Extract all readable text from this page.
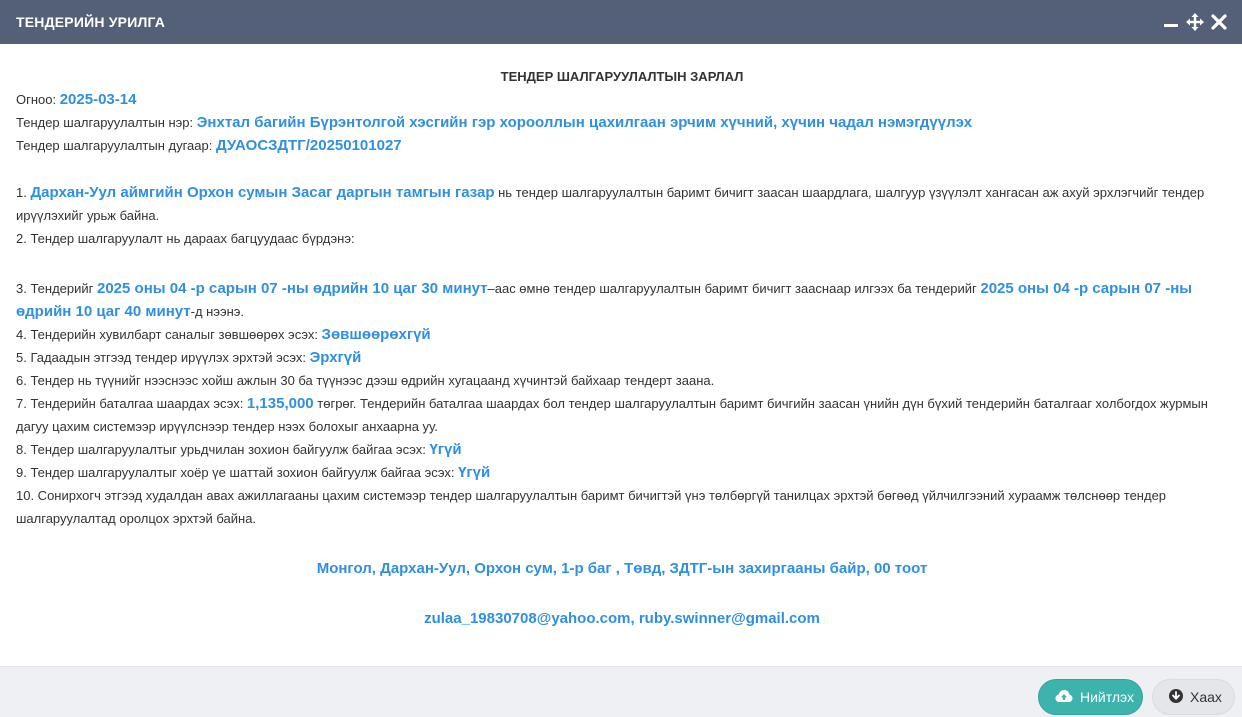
ТЕНДЕРИЙН УРИЛГА
ТЕНДЕР ШАЛГАРУУЛАЛТЫН ЗАРЛАЛ
Огноо: 2025-03-14
Тендер шалгаруулалтын нэр: Энхтал багийн Бүрэнтолгой хэсгийн гэр хорооллын цахилгаан эрчим хүчний, хүчин чадал нэмэгдүүлэх
Тендер шалгаруулалтын дугаар: ДУАОСЗДТГ/20250101027
1. Дархан-Уул аймгийн Орхон сумын Засаг даргын тамгын газар нь тендер шалгаруулалтын баримт бичигт заасан шаардлага, шалгуур үзүүлэлт хангасан аж ахуй эрхлэгчийг тендер ирүүлэхийг урьж байна.
2. Тендер шалгаруулалт нь дараах багцуудаас бүрдэнэ:
3. Тендерийг 2025 оны 04 -р сарын 07 -ны өдрийн 10 цаг 30 минут–аас өмнө тендер шалгаруулалтын баримт бичигт зааснаар илгээх ба тендерийг 2025 оны 04 -р сарын 07 -ны өдрийн 10 цаг 40 минут-д нээнэ.
4. Тендерийн хувилбарт саналыг зөвшөөрөх эсэх: Зөвшөөрөхгүй
5. Гадаадын этгээд тендер ирүүлэх эрхтэй эсэх: Эрхгүй
6. Тендер нь түүнийг нээснээс хойш ажлын 30 ба түүнээс дээш өдрийн хугацаанд хүчинтэй байхаар тендерт заана.
7. Тендерийн баталгаа шаардах эсэх: 1,135,000 төгрөг. Тендерийн баталгаа шаардах бол тендер шалгаруулалтын баримт бичгийн заасан үнийн дүн бүхий тендерийн баталгааг холбогдох журмын дагуу цахим системээр ирүүлснээр тендер нээх болохыг анхаарна уу.
8. Тендер шалгаруулалтыг урьдчилан зохион байгуулж байгаа эсэх: Үгүй
9. Тендер шалгаруулалтыг хоёр үе шаттай зохион байгуулж байгаа эсэх: Үгүй
10. Сонирхогч этгээд худалдан авах ажиллагааны цахим системээр тендер шалгаруулалтын баримт бичигтэй үнэ төлбөргүй танилцах эрхтэй бөгөөд үйлчилгээний хураамж төлснөөр тендер шалгаруулалтад оролцох эрхтэй байна.
Монгол, Дархан-Уул, Орхон сум, 1-р баг , Төвд, ЗДТГ-ын захиргааны байр, 00 тоот
zulaa_19830708@yahoo.com, ruby.swinner@gmail.com
Нийтлэх	Хаах
